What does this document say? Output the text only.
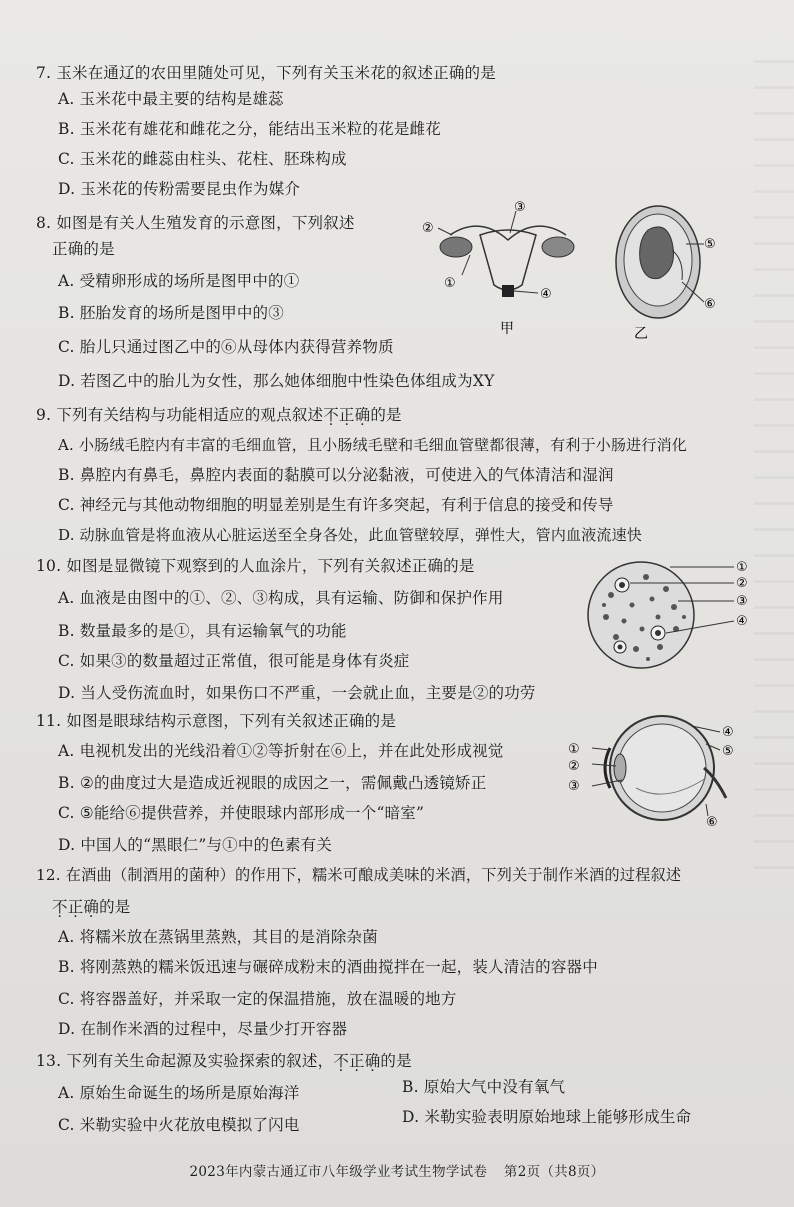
7. 玉米在通辽的农田里随处可见，下列有关玉米花的叙述正确的是
A. 玉米花中最主要的结构是雄蕊
B. 玉米花有雄花和雌花之分，能结出玉米粒的花是雌花
C. 玉米花的雌蕊由柱头、花柱、胚珠构成
D. 玉米花的传粉需要昆虫作为媒介
8. 如图是有关人生殖发育的示意图，下列叙述
正确的是
A. 受精卵形成的场所是图甲中的①
B. 胚胎发育的场所是图甲中的③
C. 胎儿只通过图乙中的⑥从母体内获得营养物质
D. 若图乙中的胎儿为女性，那么她体细胞中性染色体组成为XY
②
③
①
④
甲
⑤
⑥
乙
9. 下列有关结构与功能相适应的观点叙述不正确的是
A. 小肠绒毛腔内有丰富的毛细血管，且小肠绒毛壁和毛细血管壁都很薄，有利于小肠进行消化
B. 鼻腔内有鼻毛，鼻腔内表面的黏膜可以分泌黏液，可使进入的气体清洁和湿润
C. 神经元与其他动物细胞的明显差别是生有许多突起，有利于信息的接受和传导
D. 动脉血管是将血液从心脏运送至全身各处，此血管壁较厚，弹性大，管内血液流速快
10. 如图是显微镜下观察到的人血涂片，下列有关叙述正确的是
A. 血液是由图中的①、②、③构成，具有运输、防御和保护作用
B. 数量最多的是①，具有运输氧气的功能
C. 如果③的数量超过正常值，很可能是身体有炎症
D. 当人受伤流血时，如果伤口不严重，一会就止血，主要是②的功劳
①
②
③
④
11. 如图是眼球结构示意图，下列有关叙述正确的是
A. 电视机发出的光线沿着①②等折射在⑥上，并在此处形成视觉
B. ②的曲度过大是造成近视眼的成因之一，需佩戴凸透镜矫正
C. ⑤能给⑥提供营养，并使眼球内部形成一个“暗室”
D. 中国人的“黑眼仁”与①中的色素有关
①
②
③
④
⑤
⑥
12. 在酒曲（制酒用的菌种）的作用下，糯米可酿成美味的米酒，下列关于制作米酒的过程叙述
不正确的是
A. 将糯米放在蒸锅里蒸熟，其目的是消除杂菌
B. 将刚蒸熟的糯米饭迅速与碾碎成粉末的酒曲搅拌在一起，装人清洁的容器中
C. 将容器盖好，并采取一定的保温措施，放在温暖的地方
D. 在制作米酒的过程中，尽量少打开容器
13. 下列有关生命起源及实验探索的叙述，不正确的是
A. 原始生命诞生的场所是原始海洋	B. 原始大气中没有氧气
C. 米勒实验中火花放电模拟了闪电	D. 米勒实验表明原始地球上能够形成生命
2023年内蒙古通辽市八年级学业考试生物学试卷 第2页（共8页）
